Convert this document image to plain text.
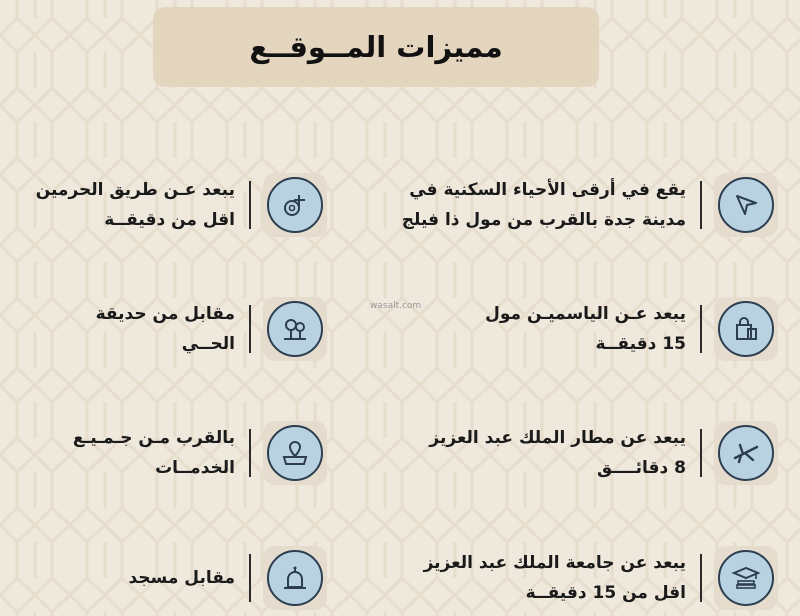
مميزات المــوقــع
wasalt.com
يقع في أرقى الأحياء السكنية في
مدينة جدة بالقرب من مول ذا فيلج
يبعد عـن الياسميـن مول
15 دقيقــة
يبعد عن مطار الملك عبد العزيز
8 دقائــــق
يبعد عن جامعة الملك عبد العزيز
اقل من 15 دقيقــة
يبعد عـن طريق الحرمين
اقل من دقيقــة
مقابل من حديقة
الحــي
بالقرب مـن جـمـيـع
الخدمــات
مقابل مسجد
